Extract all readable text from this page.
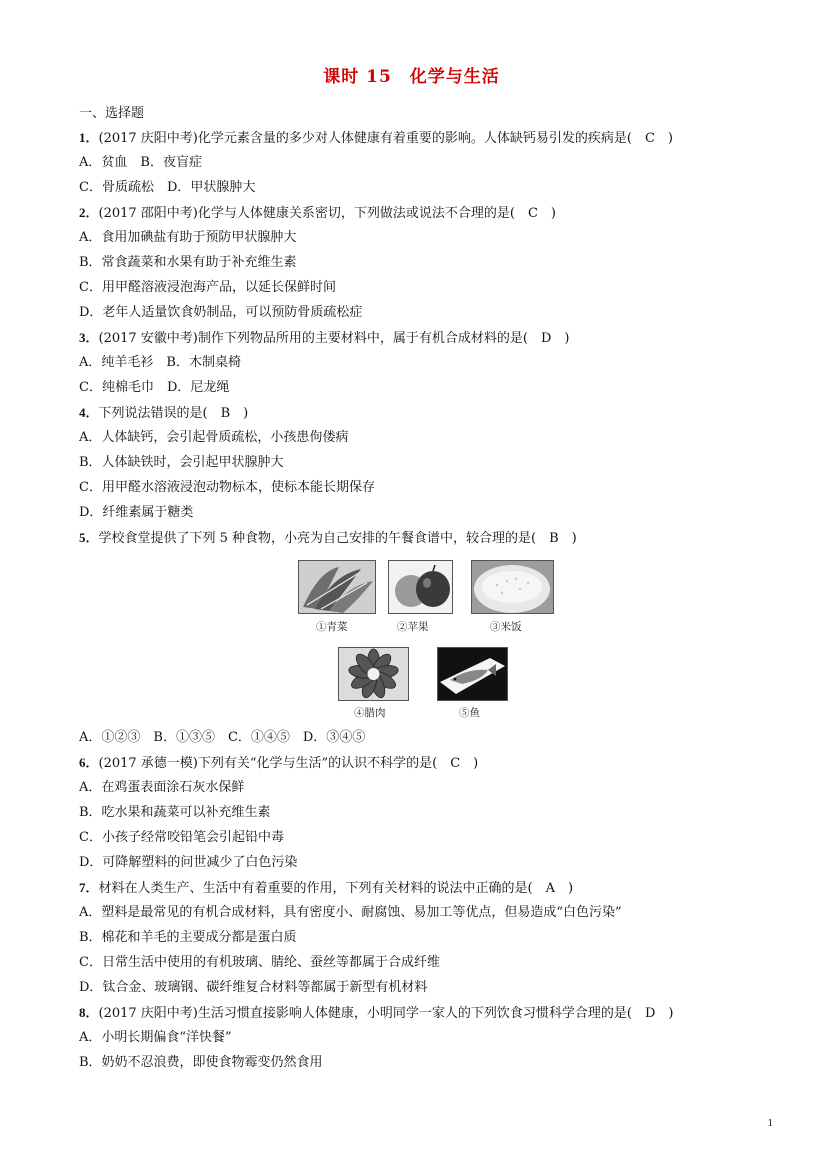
课时 15　化学与生活
一、选择题
1．(2017 庆阳中考)化学元素含量的多少对人体健康有着重要的影响。人体缺钙易引发的疾病是(　C　)
A．贫血　B．夜盲症
C．骨质疏松　D．甲状腺肿大
2．(2017 邵阳中考)化学与人体健康关系密切，下列做法或说法不合理的是(　C　)
A．食用加碘盐有助于预防甲状腺肿大
B．常食蔬菜和水果有助于补充维生素
C．用甲醛溶液浸泡海产品，以延长保鲜时间
D．老年人适量饮食奶制品，可以预防骨质疏松症
3．(2017 安徽中考)制作下列物品所用的主要材料中，属于有机合成材料的是(　D　)
A．纯羊毛衫　B．木制桌椅
C．纯棉毛巾　D．尼龙绳
4．下列说法错误的是(　B　)
A．人体缺钙，会引起骨质疏松，小孩患佝偻病
B．人体缺铁时，会引起甲状腺肿大
C．用甲醛水溶液浸泡动物标本，使标本能长期保存
D．纤维素属于糖类
5．学校食堂提供了下列 5 种食物，小亮为自己安排的午餐食谱中，较合理的是(　B　)
①青菜	②苹果	③米饭
④腊肉	⑤鱼
A．①②③　B．①③⑤　C．①④⑤　D．③④⑤
6．(2017 承德一模)下列有关“化学与生活”的认识不科学的是(　C　)
A．在鸡蛋表面涂石灰水保鲜
B．吃水果和蔬菜可以补充维生素
C．小孩子经常咬铅笔会引起铅中毒
D．可降解塑料的问世减少了白色污染
7．材料在人类生产、生活中有着重要的作用，下列有关材料的说法中正确的是(　A　)
A．塑料是最常见的有机合成材料，具有密度小、耐腐蚀、易加工等优点，但易造成“白色污染”
B．棉花和羊毛的主要成分都是蛋白质
C．日常生活中使用的有机玻璃、腈纶、蚕丝等都属于合成纤维
D．钛合金、玻璃钢、碳纤维复合材料等都属于新型有机材料
8．(2017 庆阳中考)生活习惯直接影响人体健康，小明同学一家人的下列饮食习惯科学合理的是(　D　)
A．小明长期偏食“洋快餐”
B．奶奶不忍浪费，即使食物霉变仍然食用
1
